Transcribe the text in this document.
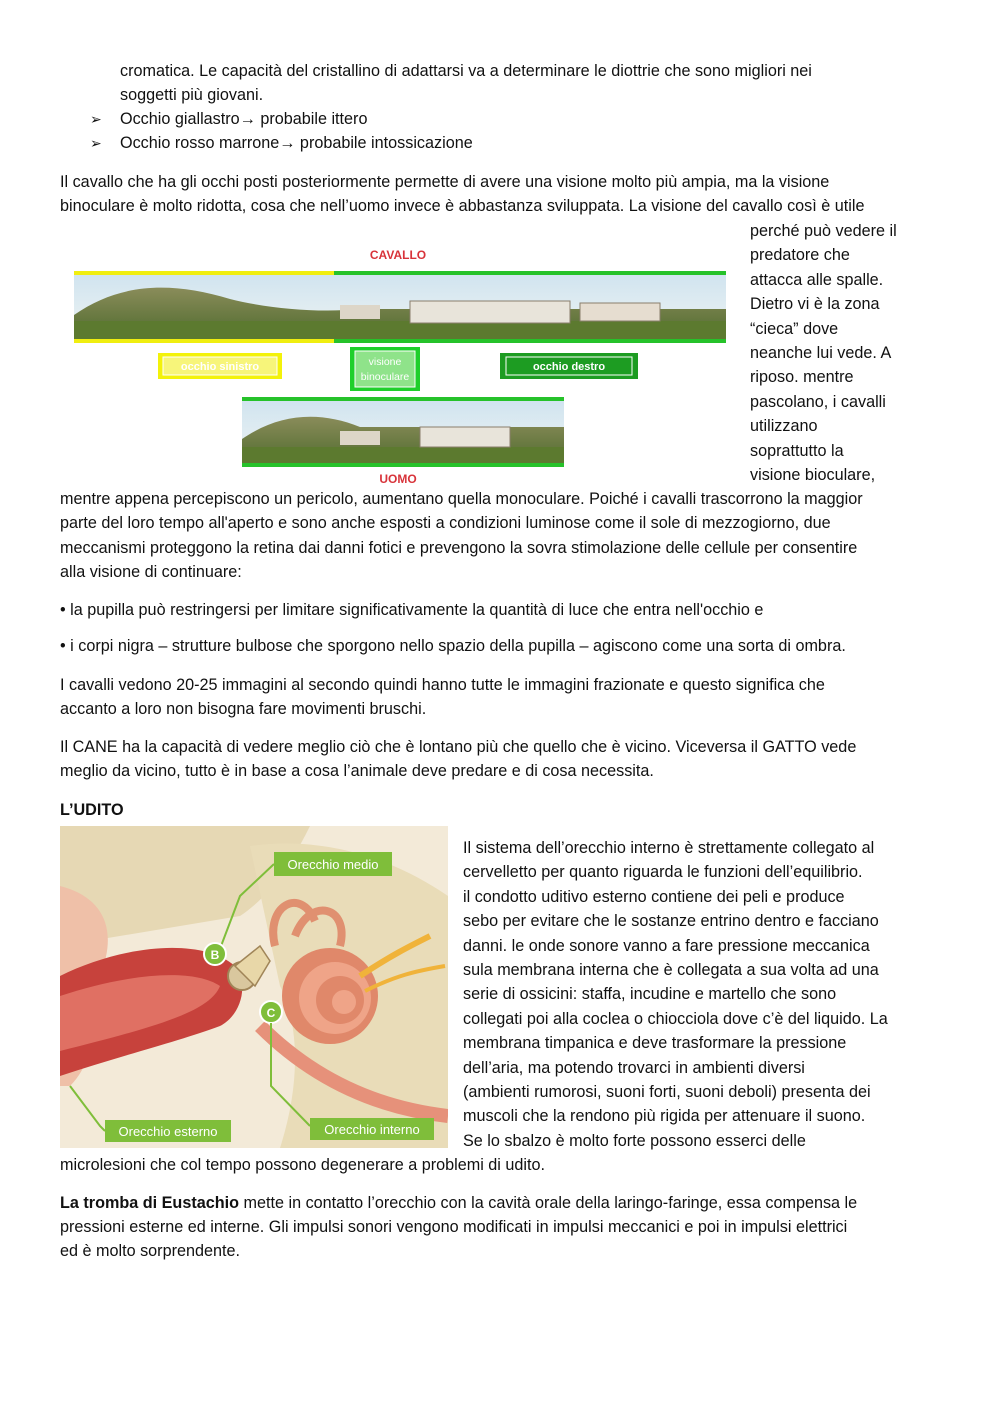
cromatica. Le capacità del cristallino di adattarsi va a determinare le diottrie che sono migliori nei
soggetti più giovani.
➢ Occhio giallastro→ probabile ittero
➢ Occhio rosso marrone→ probabile intossicazione
Il cavallo che ha gli occhi posti posteriormente permette di avere una visione molto più ampia, ma la visione
binoculare è molto ridotta, cosa che nell’uomo invece è abbastanza sviluppata. La visione del cavallo così è utile
perché può vedere il
predatore che
attacca alle spalle.
Dietro vi è la zona
“cieca” dove
neanche lui vede. A
riposo. mentre
pascolano, i cavalli
utilizzano
soprattutto la
visione bioculare,
CAVALLO
occhio sinistro	visione
binoculare
occhio destro
UOMO
mentre appena percepiscono un pericolo, aumentano quella monoculare. Poiché i cavalli trascorrono la maggior
parte del loro tempo all'aperto e sono anche esposti a condizioni luminose come il sole di mezzogiorno, due
meccanismi proteggono la retina dai danni fotici e prevengono la sovra stimolazione delle cellule per consentire
alla visione di continuare:
• la pupilla può restringersi per limitare significativamente la quantità di luce che entra nell'occhio e
• i corpi nigra – strutture bulbose che sporgono nello spazio della pupilla – agiscono come una sorta di ombra.
I cavalli vedono 20-25 immagini al secondo quindi hanno tutte le immagini frazionate e questo significa che
accanto a loro non bisogna fare movimenti bruschi.
Il CANE ha la capacità di vedere meglio ciò che è lontano più che quello che è vicino. Viceversa il GATTO vede
meglio da vicino, tutto è in base a cosa l’animale deve predare e di cosa necessita.
L’UDITO
Orecchio medio
B
C
Orecchio esterno	Orecchio interno
Il sistema dell’orecchio interno è strettamente collegato al
cervelletto per quanto riguarda le funzioni dell’equilibrio.
il condotto uditivo esterno contiene dei peli e produce
sebo per evitare che le sostanze entrino dentro e facciano
danni. le onde sonore vanno a fare pressione meccanica
sula membrana interna che è collegata a sua volta ad una
serie di ossicini: staffa, incudine e martello che sono
collegati poi alla coclea o chiocciola dove c’è del liquido. La
membrana timpanica e deve trasformare la pressione
dell’aria, ma potendo trovarci in ambienti diversi
(ambienti rumorosi, suoni forti, suoni deboli) presenta dei
muscoli che la rendono più rigida per attenuare il suono.
Se lo sbalzo è molto forte possono esserci delle
microlesioni che col tempo possono degenerare a problemi di udito.
La tromba di Eustachio mette in contatto l’orecchio con la cavità orale della laringo-faringe, essa compensa le
pressioni esterne ed interne. Gli impulsi sonori vengono modificati in impulsi meccanici e poi in impulsi elettrici
ed è molto sorprendente.
